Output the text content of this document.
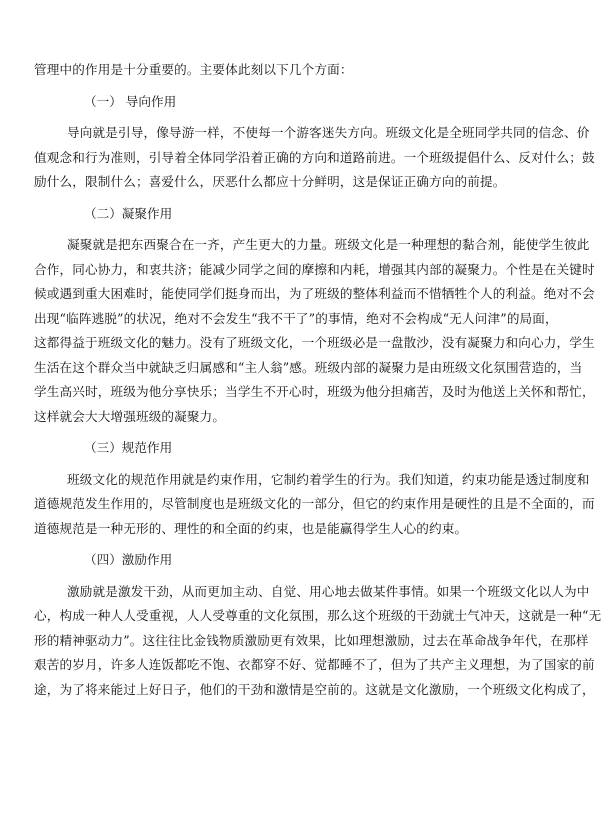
管理中的作用是十分重要的。主要体此刻以下几个方面：
（一） 导向作用
导向就是引导，像导游一样，不使每一个游客迷失方向。班级文化是全班同学共同的信念、价
值观念和行为准则，引导着全体同学沿着正确的方向和道路前进。一个班级提倡什么、反对什么；鼓
励什么，限制什么；喜爱什么，厌恶什么都应十分鲜明，这是保证正确方向的前提。
（二）凝聚作用
凝聚就是把东西聚合在一齐，产生更大的力量。班级文化是一种理想的黏合剂，能使学生彼此
合作，同心协力，和衷共济；能减少同学之间的摩擦和内耗，增强其内部的凝聚力。个性是在关键时
候或遇到重大困难时，能使同学们挺身而出，为了班级的整体利益而不惜牺牲个人的利益。绝对不会
出现“临阵逃脱”的状况，绝对不会发生“我不干了”的事情，绝对不会构成“无人问津”的局面，
这都得益于班级文化的魅力。没有了班级文化，一个班级必是一盘散沙，没有凝聚力和向心力，学生
生活在这个群众当中就缺乏归属感和“主人翁”感。班级内部的凝聚力是由班级文化氛围营造的，当
学生高兴时，班级为他分享快乐；当学生不开心时，班级为他分担痛苦，及时为他送上关怀和帮忙，
这样就会大大增强班级的凝聚力。
（三）规范作用
班级文化的规范作用就是约束作用，它制约着学生的行为。我们知道，约束功能是透过制度和
道德规范发生作用的，尽管制度也是班级文化的一部分，但它的约束作用是硬性的且是不全面的，而
道德规范是一种无形的、理性的和全面的约束，也是能赢得学生人心的约束。
（四）激励作用
激励就是激发干劲，从而更加主动、自觉、用心地去做某件事情。如果一个班级文化以人为中
心，构成一种人人受重视，人人受尊重的文化氛围，那么这个班级的干劲就士气冲天，这就是一种“无
形的精神驱动力”。这往往比金钱物质激励更有效果，比如理想激励，过去在革命战争年代，在那样
艰苦的岁月，许多人连饭都吃不饱、衣都穿不好、觉都睡不了，但为了共产主义理想，为了国家的前
途，为了将来能过上好日子，他们的干劲和激情是空前的。这就是文化激励，一个班级文化构成了，
